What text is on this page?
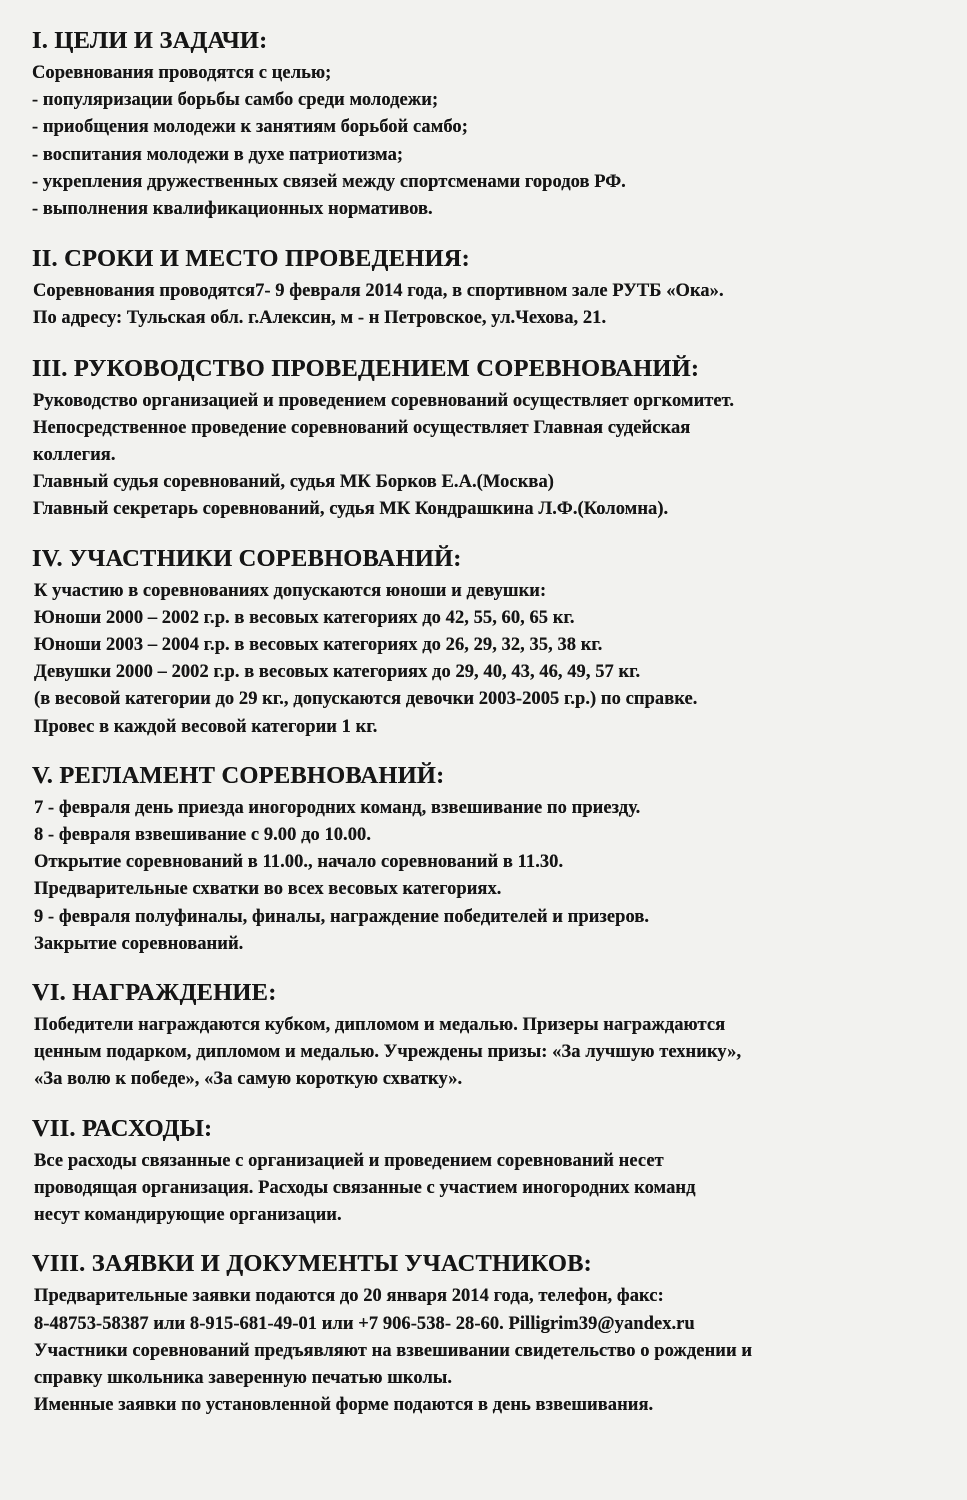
I. ЦЕЛИ И ЗАДАЧИ:

Соревнования проводятся с целью;

- популяризации борьбы самбо среди молодежи;

- приобщения молодежи к занятиям борьбой самбо;

- воспитания молодежи в духе патриотизма;

- укрепления дружественных связей между спортсменами городов РФ.

- выполнения квалификационных нормативов.

II. СРОКИ И МЕСТО ПРОВЕДЕНИЯ:

Соревнования проводятся7- 9 февраля 2014 года, в спортивном зале РУТБ «Ока».

По адресу: Тульская обл. г.Алексин, м - н Петровское, ул.Чехова, 21.

III. РУКОВОДСТВО ПРОВЕДЕНИЕМ СОРЕВНОВАНИЙ:

Руководство организацией и проведением соревнований осуществляет оргкомитет.

Непосредственное проведение соревнований осуществляет Главная судейская

коллегия.

Главный судья соревнований, судья МК Борков Е.А.(Москва)

Главный секретарь соревнований, судья МК Кондрашкина Л.Ф.(Коломна).

IV. УЧАСТНИКИ СОРЕВНОВАНИЙ:

К участию в соревнованиях допускаются юноши и девушки:

Юноши 2000 – 2002 г.р. в весовых категориях до 42, 55, 60, 65 кг.

Юноши 2003 – 2004 г.р. в весовых категориях до 26, 29, 32, 35, 38 кг.

Девушки 2000 – 2002 г.р. в весовых категориях до 29, 40, 43, 46, 49, 57 кг.

(в весовой категории до 29 кг., допускаются девочки 2003-2005 г.р.) по справке.

Провес в каждой весовой категории 1 кг.

V. РЕГЛАМЕНТ СОРЕВНОВАНИЙ:

7 - февраля день приезда иногородних команд, взвешивание по приезду.

8 - февраля взвешивание с 9.00 до 10.00.

Открытие соревнований в 11.00., начало соревнований в 11.30.

Предварительные схватки во всех весовых категориях.

9 - февраля полуфиналы, финалы, награждение победителей и призеров.

Закрытие соревнований.

VI. НАГРАЖДЕНИЕ:

Победители награждаются кубком, дипломом и медалью. Призеры награждаются

ценным подарком, дипломом и медалью. Учреждены призы: «За лучшую технику»,

«За волю к победе», «За самую короткую схватку».

VII. РАСХОДЫ:

Все расходы связанные с организацией и проведением соревнований несет

проводящая организация. Расходы связанные с участием иногородних команд

несут командирующие организации.

VIII. ЗАЯВКИ И ДОКУМЕНТЫ УЧАСТНИКОВ:

Предварительные заявки подаются до 20 января 2014 года, телефон, факс:

8-48753-58387 или 8-915-681-49-01 или +7 906-538- 28-60. Pilligrim39@yandex.ru

Участники соревнований предъявляют на взвешивании свидетельство о рождении и

справку школьника заверенную печатью школы.

Именные заявки по установленной форме подаются в день взвешивания.
